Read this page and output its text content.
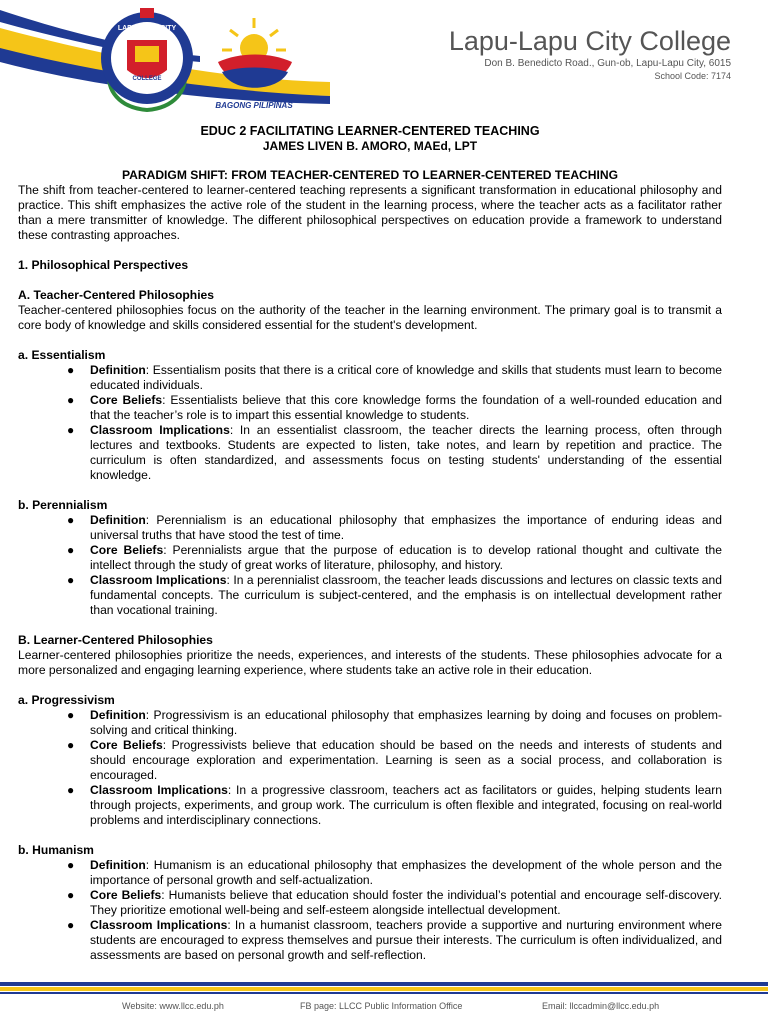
LAPU-LAPU CITY
2010
COLLEGE
BAGONG PILIPINAS
Lapu-Lapu City College
Don B. Benedicto Road., Gun-ob, Lapu-Lapu City, 6015
School Code: 7174
EDUC 2 FACILITATING LEARNER-CENTERED TEACHING
JAMES LIVEN B. AMORO, MAEd, LPT
PARADIGM SHIFT: FROM TEACHER-CENTERED TO LEARNER-CENTERED TEACHING

The shift from teacher-centered to learner-centered teaching represents a significant transformation in educational philosophy and practice. This shift emphasizes the active role of the student in the learning process, where the teacher acts as a facilitator rather than a mere transmitter of knowledge. The different philosophical perspectives on education provide a framework to understand these contrasting approaches.

1. Philosophical Perspectives
A. Teacher-Centered Philosophies

Teacher-centered philosophies focus on the authority of the teacher in the learning environment. The primary goal is to transmit a core body of knowledge and skills considered essential for the student's development.

a. Essentialism
● Definition: Essentialism posits that there is a critical core of knowledge and skills that students must learn to become educated individuals.
● Core Beliefs: Essentialists believe that this core knowledge forms the foundation of a well-rounded education and that the teacher’s role is to impart this essential knowledge to students.
● Classroom Implications: In an essentialist classroom, the teacher directs the learning process, often through lectures and textbooks. Students are expected to listen, take notes, and learn by repetition and practice. The curriculum is often standardized, and assessments focus on testing students' understanding of the essential knowledge.
b. Perennialism
● Definition: Perennialism is an educational philosophy that emphasizes the importance of enduring ideas and universal truths that have stood the test of time.
● Core Beliefs: Perennialists argue that the purpose of education is to develop rational thought and cultivate the intellect through the study of great works of literature, philosophy, and history.
● Classroom Implications: In a perennialist classroom, the teacher leads discussions and lectures on classic texts and fundamental concepts. The curriculum is subject-centered, and the emphasis is on intellectual development rather than vocational training.
B. Learner-Centered Philosophies

Learner-centered philosophies prioritize the needs, experiences, and interests of the students. These philosophies advocate for a more personalized and engaging learning experience, where students take an active role in their education.

a. Progressivism
● Definition: Progressivism is an educational philosophy that emphasizes learning by doing and focuses on problem-solving and critical thinking.
● Core Beliefs: Progressivists believe that education should be based on the needs and interests of students and should encourage exploration and experimentation. Learning is seen as a social process, and collaboration is encouraged.
● Classroom Implications: In a progressive classroom, teachers act as facilitators or guides, helping students learn through projects, experiments, and group work. The curriculum is often flexible and integrated, focusing on real-world problems and interdisciplinary connections.
b. Humanism
● Definition: Humanism is an educational philosophy that emphasizes the development of the whole person and the importance of personal growth and self-actualization.
● Core Beliefs: Humanists believe that education should foster the individual’s potential and encourage self-discovery. They prioritize emotional well-being and self-esteem alongside intellectual development.
● Classroom Implications: In a humanist classroom, teachers provide a supportive and nurturing environment where students are encouraged to express themselves and pursue their interests. The curriculum is often individualized, and assessments are based on personal growth and self-reflection.
Website: www.llcc.edu.ph	FB page: LLCC Public Information Office	Email: llccadmin@llcc.edu.ph
